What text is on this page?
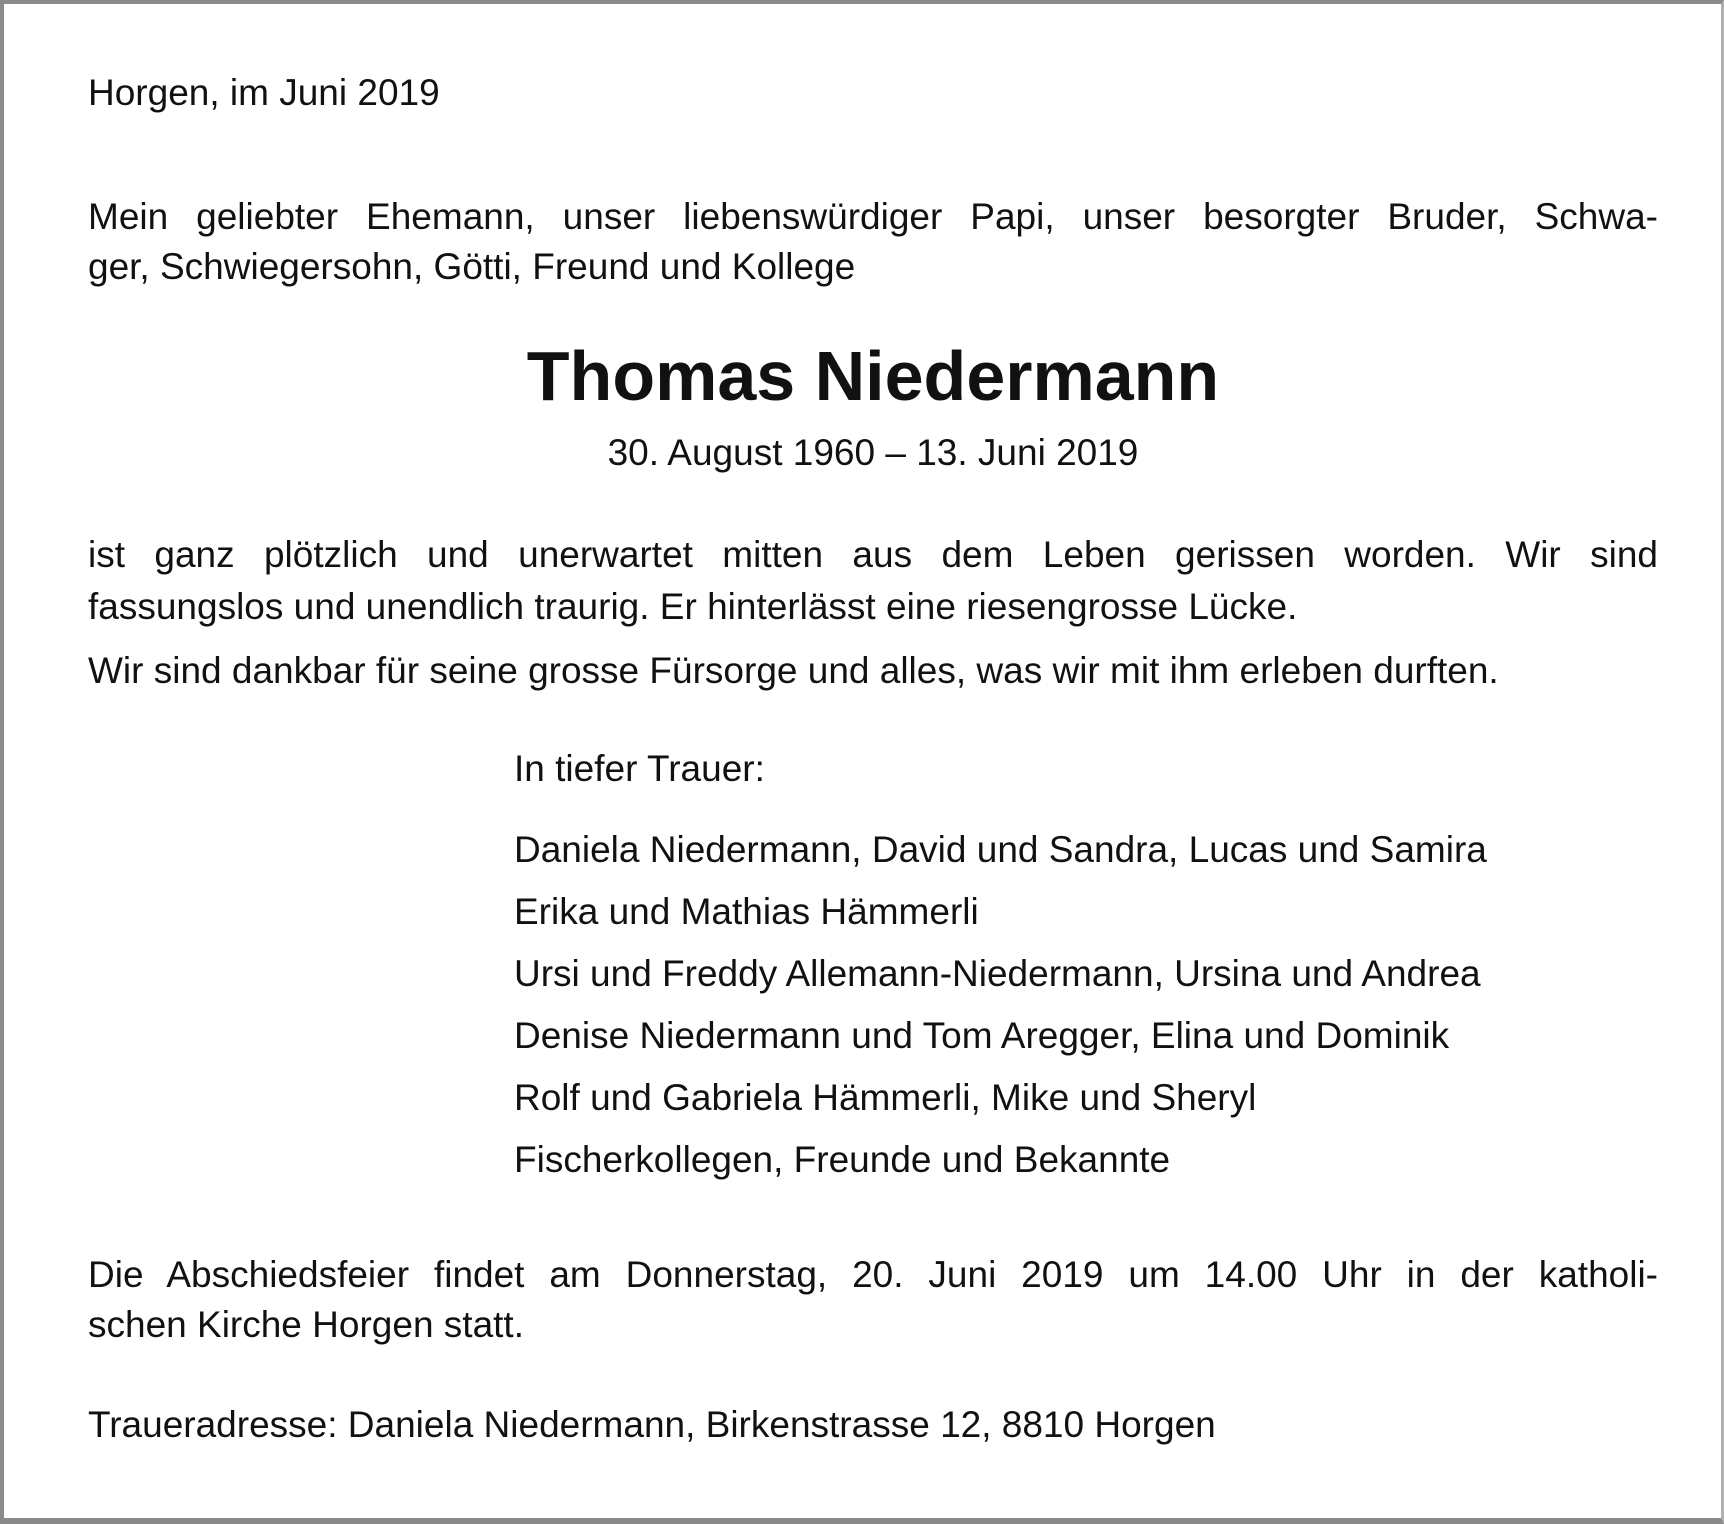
Horgen, im Juni 2019

Mein geliebter Ehemann, unser liebenswürdiger Papi, unser besorgter Bruder, Schwa-

ger, Schwiegersohn, Götti, Freund und Kollege

Thomas Niedermann

30. August 1960 – 13. Juni 2019

ist ganz plötzlich und unerwartet mitten aus dem Leben gerissen worden. Wir sind

fassungslos und unendlich traurig. Er hinterlässt eine riesengrosse Lücke.

Wir sind dankbar für seine grosse Fürsorge und alles, was wir mit ihm erleben durften.

In tiefer Trauer:

Daniela Niedermann, David und Sandra, Lucas und Samira
Erika und Mathias Hämmerli
Ursi und Freddy Allemann-Niedermann, Ursina und Andrea
Denise Niedermann und Tom Aregger, Elina und Dominik
Rolf und Gabriela Hämmerli, Mike und Sheryl
Fischerkollegen, Freunde und Bekannte

Die Abschiedsfeier findet am Donnerstag, 20. Juni 2019 um 14.00 Uhr in der katholi-

schen Kirche Horgen statt.

Traueradresse: Daniela Niedermann, Birkenstrasse 12, 8810 Horgen
